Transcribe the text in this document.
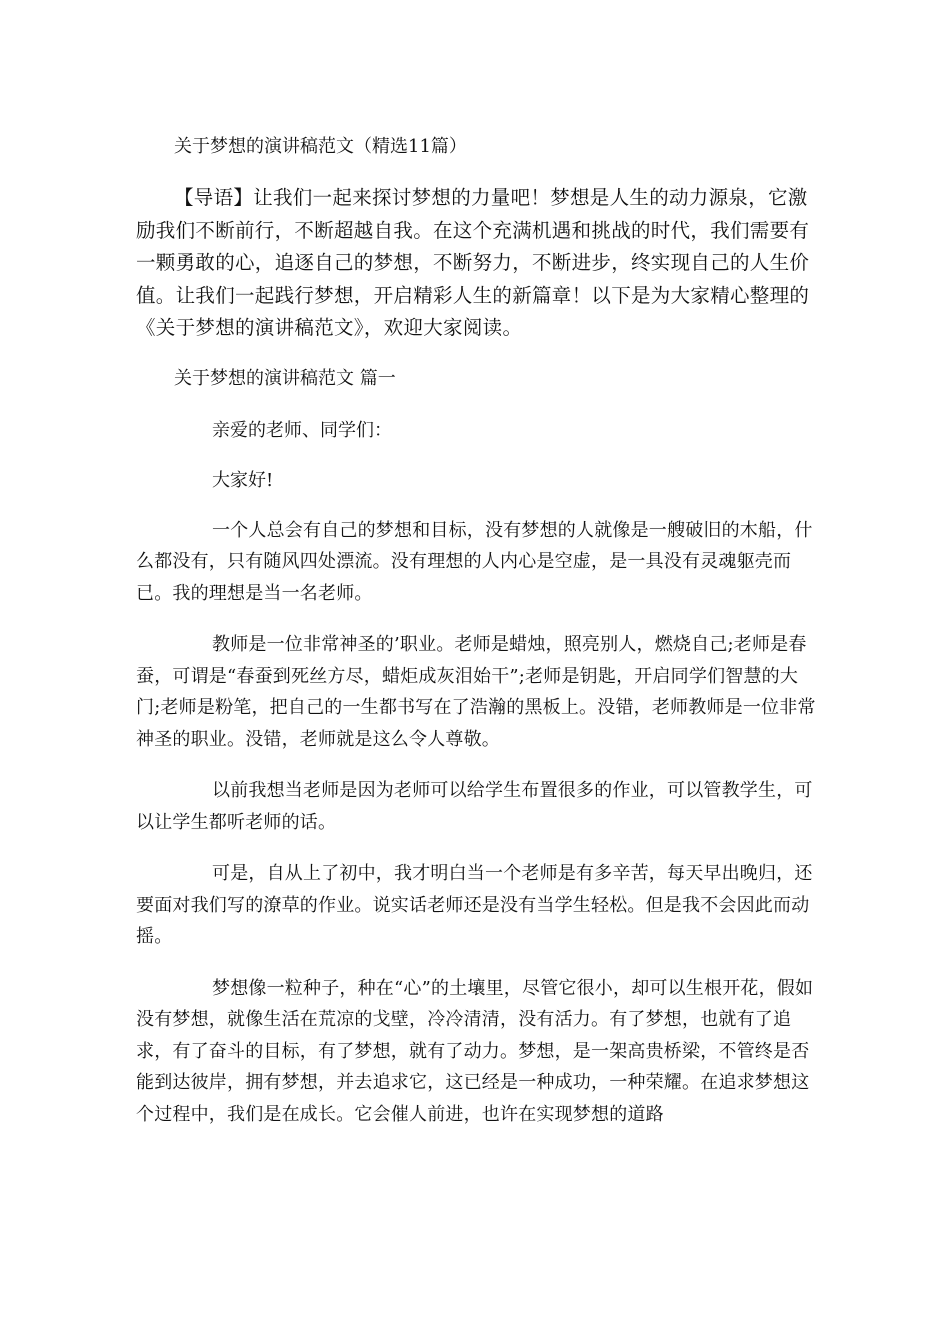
关于梦想的演讲稿范文（精选11篇）

【导语】让我们一起来探讨梦想的力量吧！梦想是人生的动力源泉，它激励我们不断前行，不断超越自我。在这个充满机遇和挑战的时代，我们需要有一颗勇敢的心，追逐自己的梦想，不断努力，不断进步，终实现自己的人生价值。让我们一起践行梦想，开启精彩人生的新篇章！以下是为大家精心整理的《关于梦想的演讲稿范文》，欢迎大家阅读。

关于梦想的演讲稿范文 篇一
亲爱的老师、同学们：
大家好!

一个人总会有自己的梦想和目标，没有梦想的人就像是一艘破旧的木船，什么都没有，只有随风四处漂流。没有理想的人内心是空虚，是一具没有灵魂躯壳而已。我的理想是当一名老师。

教师是一位非常神圣的’职业。老师是蜡烛，照亮别人，燃烧自己;老师是春蚕，可谓是“春蚕到死丝方尽，蜡炬成灰泪始干”;老师是钥匙，开启同学们智慧的大门;老师是粉笔，把自己的一生都书写在了浩瀚的黑板上。没错，老师教师是一位非常神圣的职业。没错，老师就是这么令人尊敬。

以前我想当老师是因为老师可以给学生布置很多的作业，可以管教学生，可以让学生都听老师的话。

可是，自从上了初中，我才明白当一个老师是有多辛苦，每天早出晚归，还要面对我们写的潦草的作业。说实话老师还是没有当学生轻松。但是我不会因此而动摇。

梦想像一粒种子，种在“心”的土壤里，尽管它很小，却可以生根开花，假如没有梦想，就像生活在荒凉的戈壁，冷冷清清，没有活力。有了梦想，也就有了追求，有了奋斗的目标，有了梦想，就有了动力。梦想，是一架高贵桥梁，不管终是否能到达彼岸，拥有梦想，并去追求它，这已经是一种成功，一种荣耀。在追求梦想这个过程中，我们是在成长。它会催人前进，也许在实现梦想的道路
